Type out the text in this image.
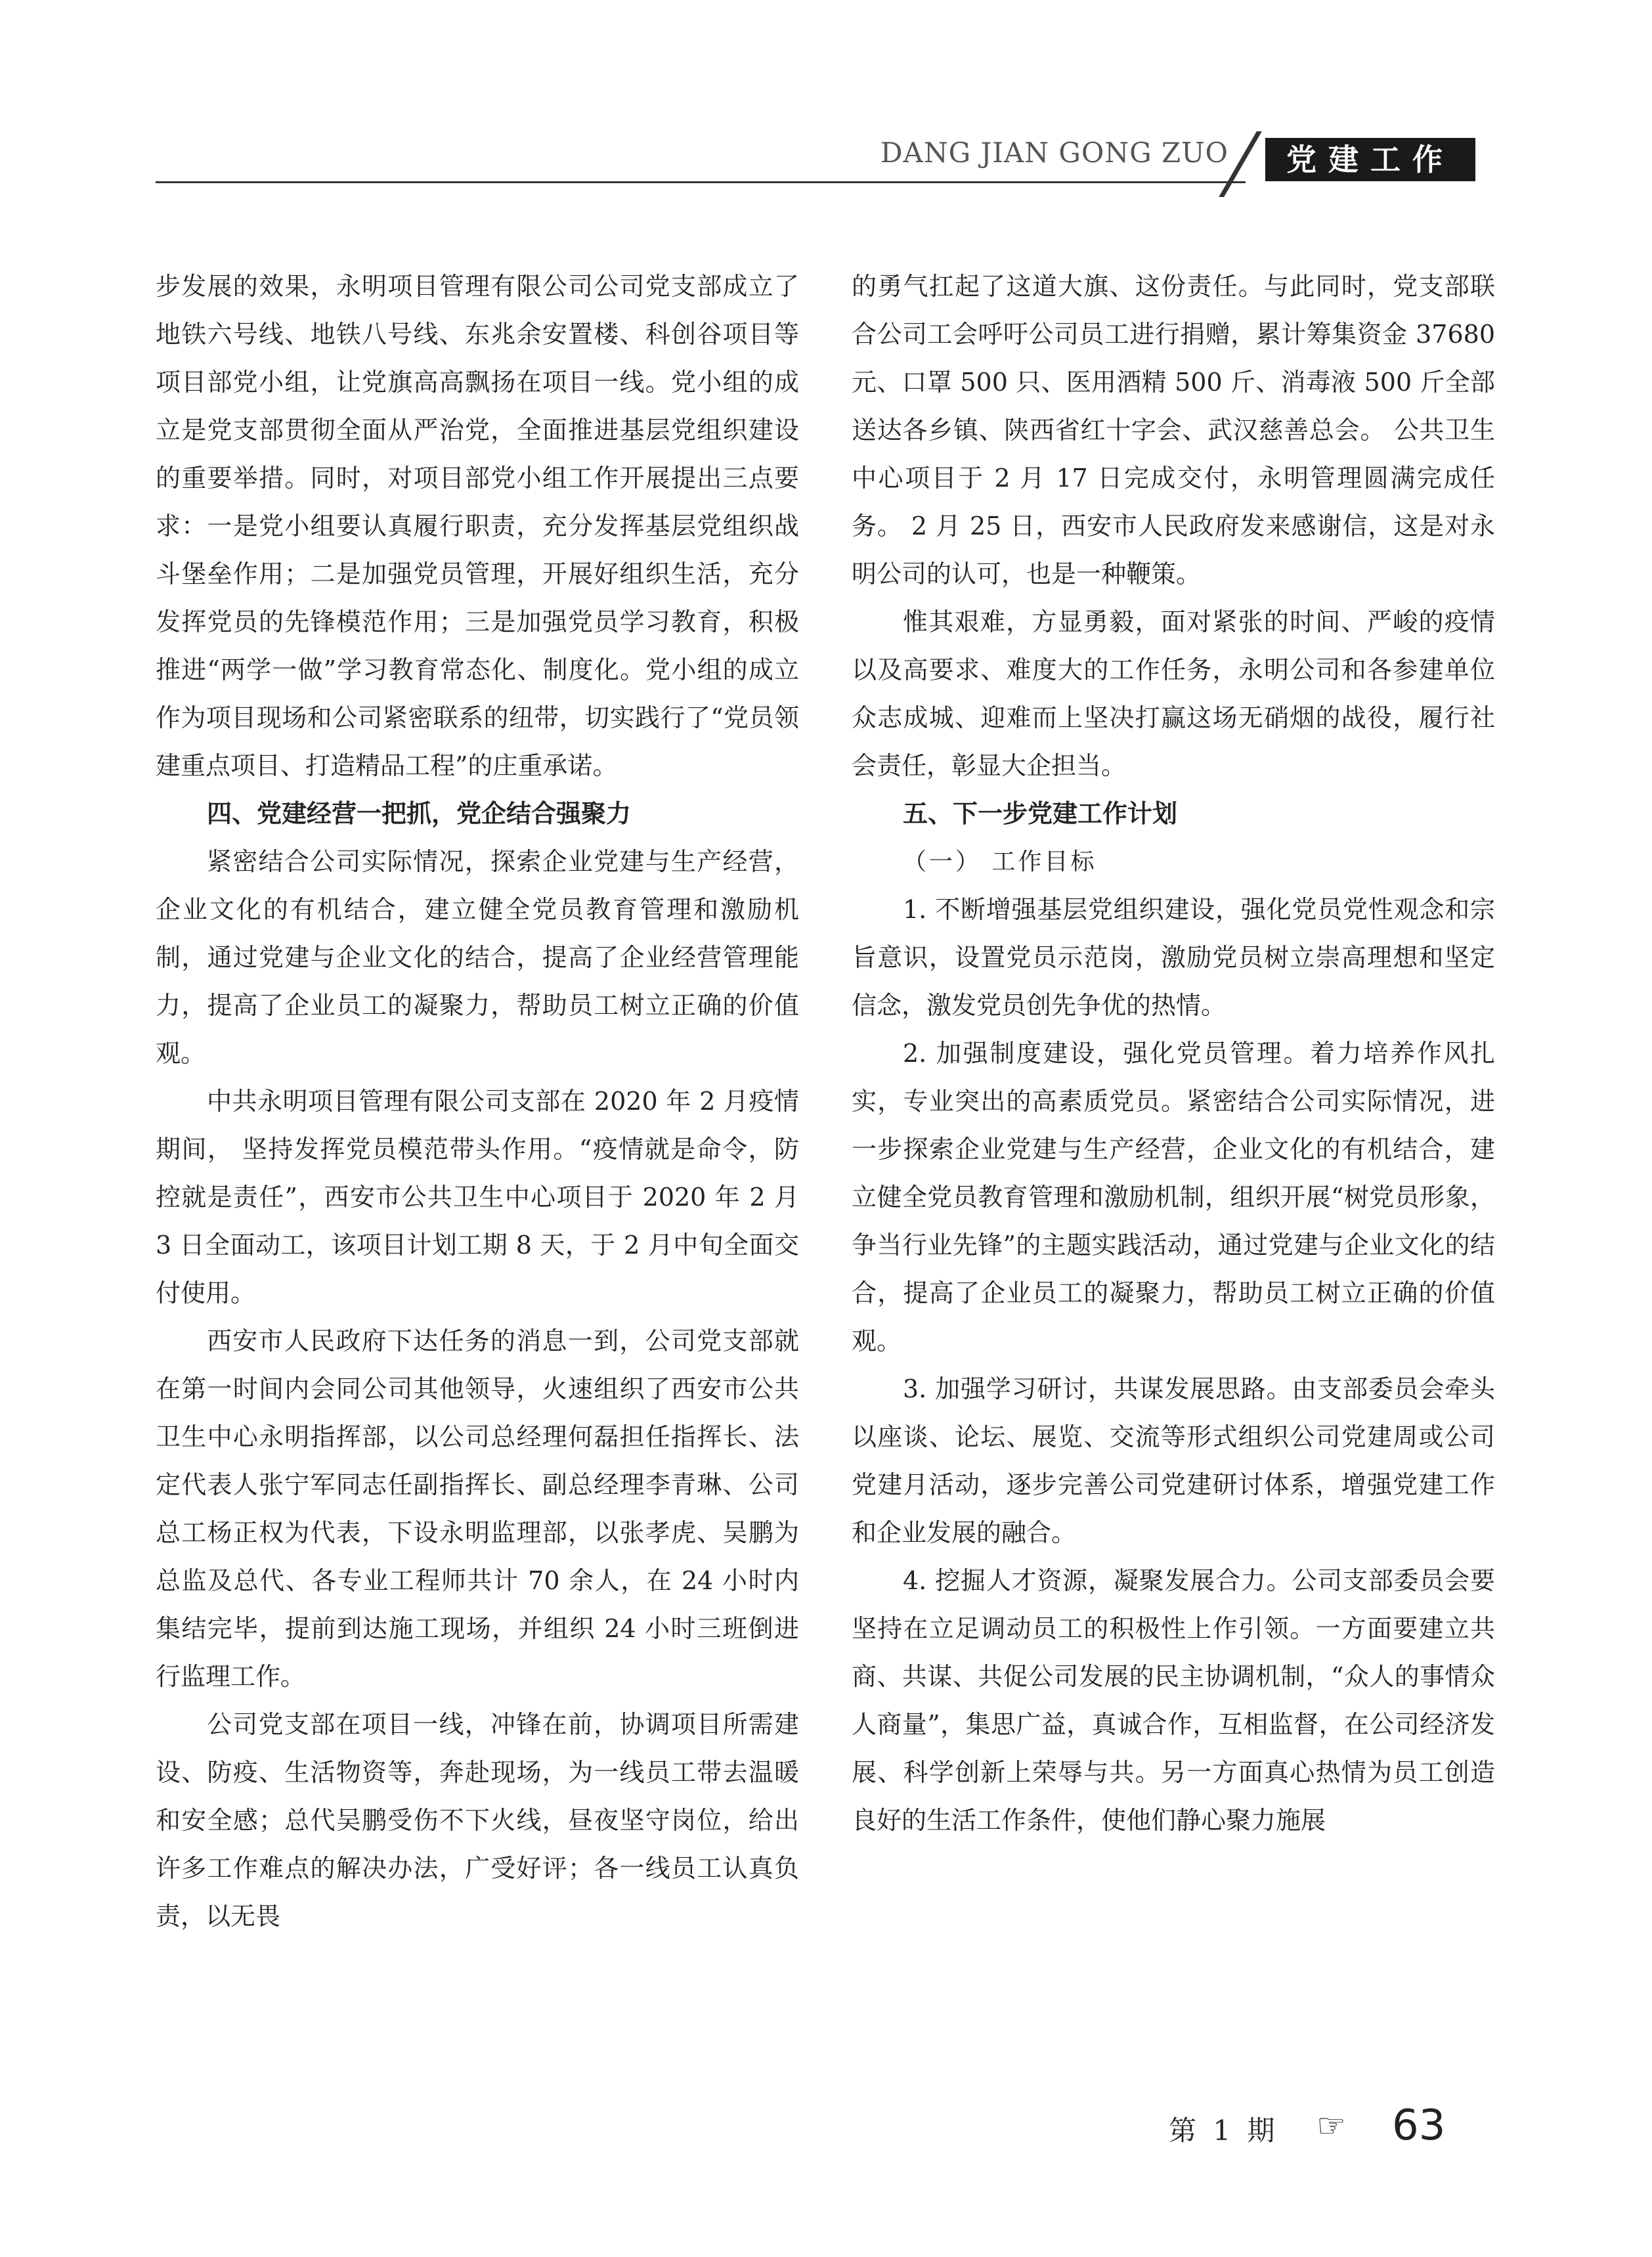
DANG JIAN GONG ZUO	党建工作

步发展的效果，永明项目管理有限公司公司党支部成立了地铁六号线、地铁八号线、东兆余安置楼、科创谷项目等项目部党小组，让党旗高高飘扬在项目一线。党小组的成立是党支部贯彻全面从严治党，全面推进基层党组织建设的重要举措。同时，对项目部党小组工作开展提出三点要求：一是党小组要认真履行职责，充分发挥基层党组织战斗堡垒作用；二是加强党员管理，开展好组织生活，充分发挥党员的先锋模范作用；三是加强党员学习教育，积极推进“两学一做”学习教育常态化、制度化。党小组的成立作为项目现场和公司紧密联系的纽带，切实践行了“党员领建重点项目、打造精品工程”的庄重承诺。

四、党建经营一把抓，党企结合强聚力

紧密结合公司实际情况，探索企业党建与生产经营，企业文化的有机结合，建立健全党员教育管理和激励机制，通过党建与企业文化的结合，提高了企业经营管理能力，提高了企业员工的凝聚力，帮助员工树立正确的价值观。

中共永明项目管理有限公司支部在 2020 年 2 月疫情期间， 坚持发挥党员模范带头作用。“疫情就是命令，防控就是责任”，西安市公共卫生中心项目于 2020 年 2 月 3 日全面动工，该项目计划工期 8 天，于 2 月中旬全面交付使用。

西安市人民政府下达任务的消息一到，公司党支部就在第一时间内会同公司其他领导，火速组织了西安市公共卫生中心永明指挥部，以公司总经理何磊担任指挥长、法定代表人张宁军同志任副指挥长、副总经理李青琳、公司总工杨正权为代表，下设永明监理部，以张孝虎、吴鹏为总监及总代、各专业工程师共计 70 余人，在 24 小时内集结完毕，提前到达施工现场，并组织 24 小时三班倒进行监理工作。

公司党支部在项目一线，冲锋在前，协调项目所需建设、防疫、生活物资等，奔赴现场，为一线员工带去温暖和安全感；总代吴鹏受伤不下火线，昼夜坚守岗位，给出许多工作难点的解决办法，广受好评；各一线员工认真负责，以无畏

的勇气扛起了这道大旗、这份责任。与此同时，党支部联合公司工会呼吁公司员工进行捐赠，累计筹集资金 37680 元、口罩 500 只、医用酒精 500 斤、消毒液 500 斤全部送达各乡镇、陕西省红十字会、武汉慈善总会。 公共卫生中心项目于 2 月 17 日完成交付，永明管理圆满完成任务。 2 月 25 日，西安市人民政府发来感谢信，这是对永明公司的认可，也是一种鞭策。

惟其艰难，方显勇毅，面对紧张的时间、严峻的疫情以及高要求、难度大的工作任务，永明公司和各参建单位众志成城、迎难而上坚决打赢这场无硝烟的战役，履行社会责任，彰显大企担当。

五、下一步党建工作计划

（一） 工作目标

1. 不断增强基层党组织建设，强化党员党性观念和宗旨意识，设置党员示范岗，激励党员树立崇高理想和坚定信念，激发党员创先争优的热情。

2. 加强制度建设，强化党员管理。着力培养作风扎实，专业突出的高素质党员。紧密结合公司实际情况，进一步探索企业党建与生产经营，企业文化的有机结合，建立健全党员教育管理和激励机制，组织开展“树党员形象，争当行业先锋”的主题实践活动，通过党建与企业文化的结合，提高了企业员工的凝聚力，帮助员工树立正确的价值观。

3. 加强学习研讨，共谋发展思路。由支部委员会牵头以座谈、论坛、展览、交流等形式组织公司党建周或公司党建月活动，逐步完善公司党建研讨体系，增强党建工作和企业发展的融合。

4. 挖掘人才资源，凝聚发展合力。公司支部委员会要坚持在立足调动员工的积极性上作引领。一方面要建立共商、共谋、共促公司发展的民主协调机制，“众人的事情众人商量”，集思广益，真诚合作，互相监督，在公司经济发展、科学创新上荣辱与共。另一方面真心热情为员工创造良好的生活工作条件，使他们静心聚力施展

第 1 期 ☞ 63
